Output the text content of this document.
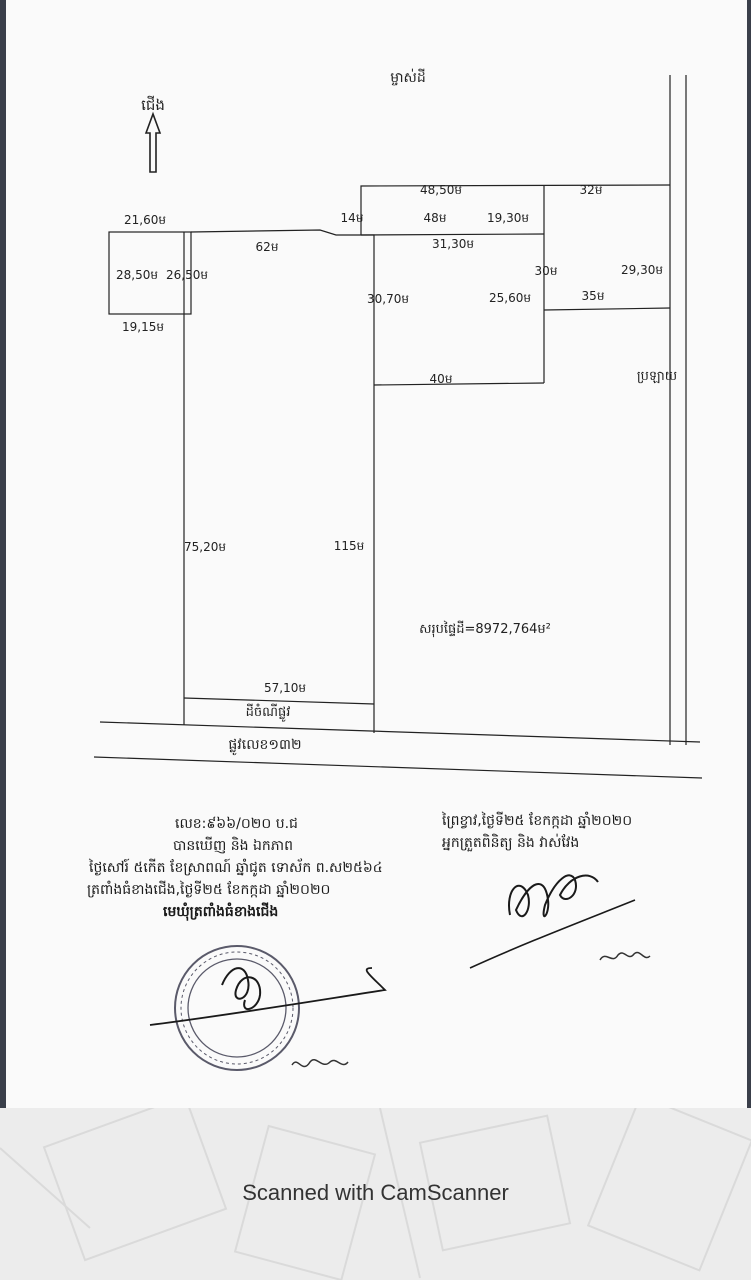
ជើង
ម្ចាស់ដី
ប្រឡាយ
21,60ម	14ម
48,50ម	32ម
48ម	19,30ម
62ម	31,30ម
28,50ម 26,50ម	30ម	29,30ម
30,70ម	25,60ម	35ម
19,15ម
40ម
75,20ម	115ម
57,10ម
សរុបផ្ទៃដី=8972,764ម²
ដីចំណីផ្លូវ
ផ្លូវលេខ១៣២
លេខ:៩៦៦/០២០ ប.ជ
បានឃើញ និង ឯកភាព
ថ្ងៃសៅរ៍ ៥កើត ខែស្រាពណ៍ ឆ្នាំជូត ទោស័ក ព.ស២៥៦៤
ត្រពាំងធំខាងជើង,ថ្ងៃទី២៥ ខែកក្កដា ឆ្នាំ២០២០
មេឃុំត្រពាំងធំខាងជើង
ព្រៃខ្វាវ,ថ្ងៃទី២៥ ខែកក្កដា ឆ្នាំ២០២០
អ្នកត្រួតពិនិត្យ និង វាស់វែង
Scanned with CamScanner
